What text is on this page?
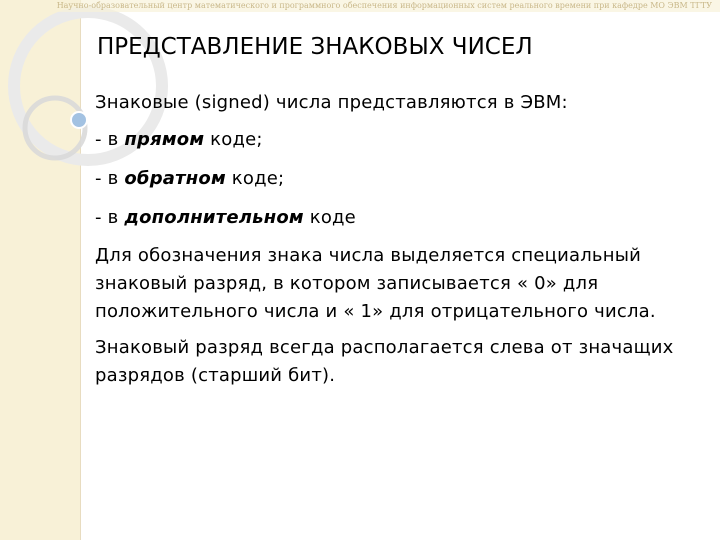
Научно-образовательный центр математического и программного обеспечения информационных систем реального времени при кафедре МО ЭВМ ТГТУ
ПРЕДСТАВЛЕНИЕ ЗНАКОВЫХ ЧИСЕЛ

Знаковые (signed) числа представляются в ЭВМ:

- в прямом коде;

- в обратном коде;

- в дополнительном коде

Для обозначения знака числа выделяется специальный знаковый разряд, в котором записывается « 0» для положительного числа и « 1» для отрицательного числа.

Знаковый разряд всегда располагается слева от значащих разрядов (старший бит).
